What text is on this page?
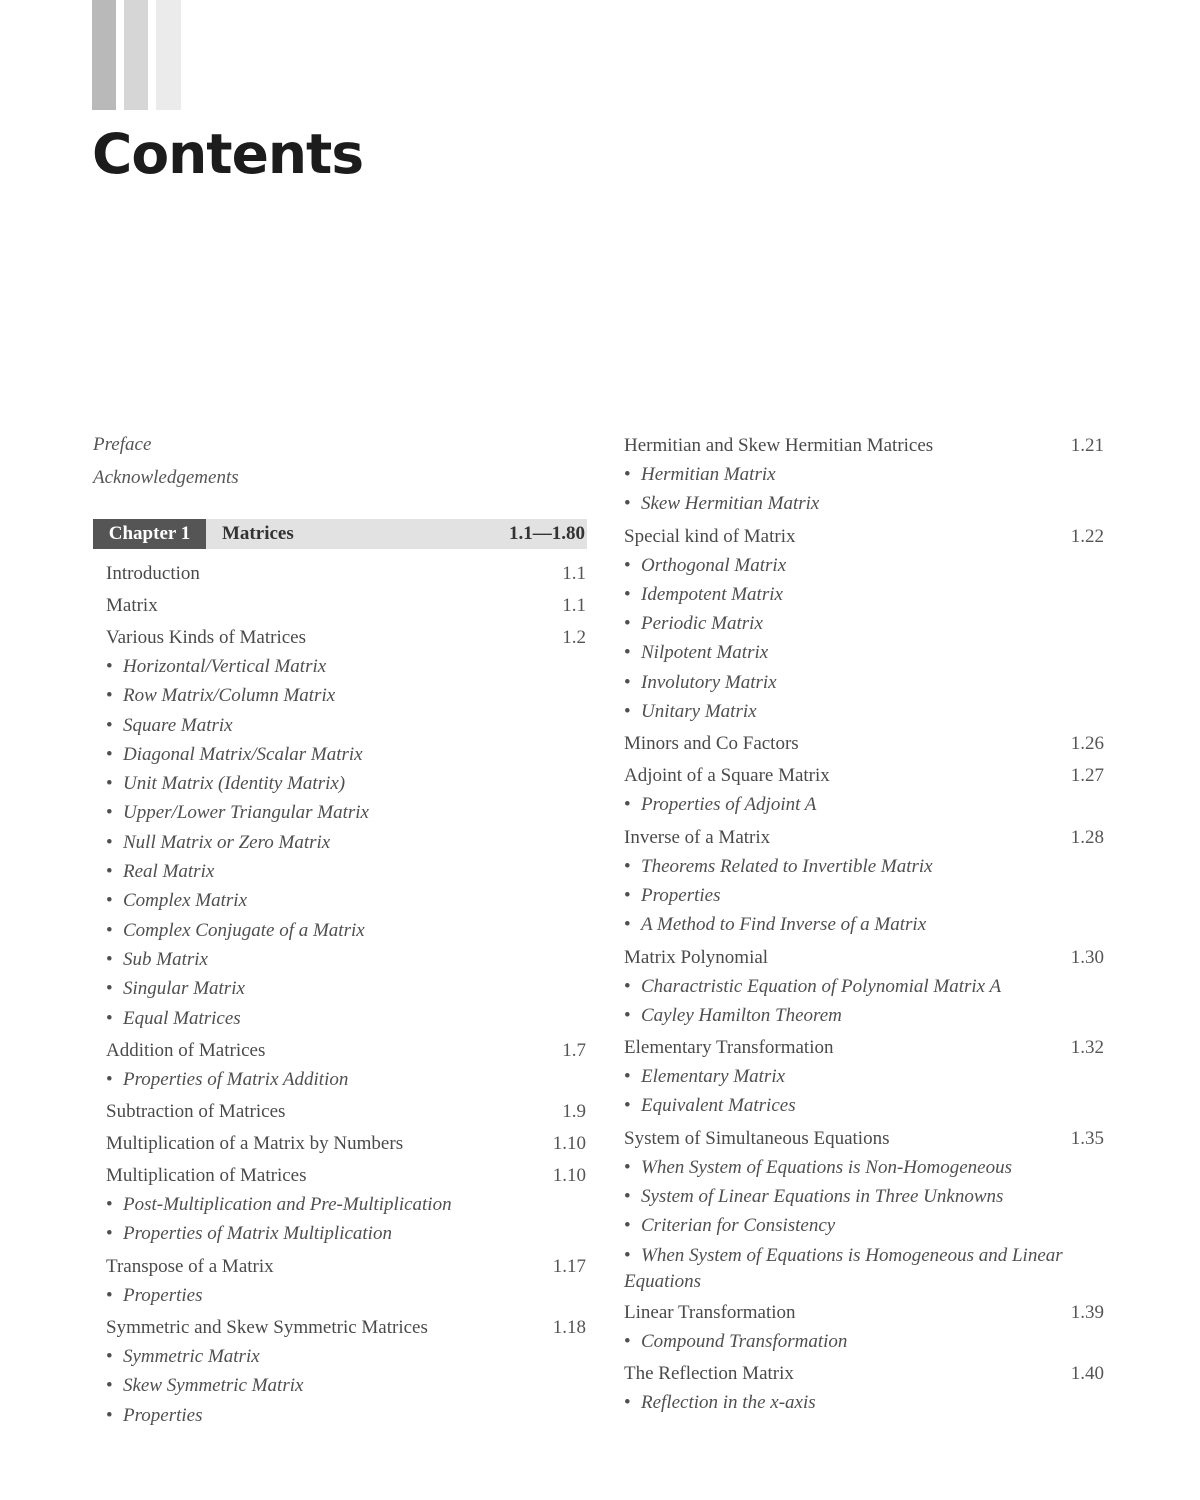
Contents
Preface
Acknowledgements
Chapter 1	Matrices	1.1—1.80
Introduction	1.1
Matrix	1.1
Various Kinds of Matrices	1.2
• Horizontal/Vertical Matrix
• Row Matrix/Column Matrix
• Square Matrix
• Diagonal Matrix/Scalar Matrix
• Unit Matrix (Identity Matrix)
• Upper/Lower Triangular Matrix
• Null Matrix or Zero Matrix
• Real Matrix
• Complex Matrix
• Complex Conjugate of a Matrix
• Sub Matrix
• Singular Matrix
• Equal Matrices
Addition of Matrices	1.7
• Properties of Matrix Addition
Subtraction of Matrices	1.9
Multiplication of a Matrix by Numbers	1.10
Multiplication of Matrices	1.10
• Post-Multiplication and Pre-Multiplication
• Properties of Matrix Multiplication
Transpose of a Matrix	1.17
• Properties
Symmetric and Skew Symmetric Matrices	1.18
• Symmetric Matrix
• Skew Symmetric Matrix
• Properties
Hermitian and Skew Hermitian Matrices	1.21
• Hermitian Matrix
• Skew Hermitian Matrix
Special kind of Matrix	1.22
• Orthogonal Matrix
• Idempotent Matrix
• Periodic Matrix
• Nilpotent Matrix
• Involutory Matrix
• Unitary Matrix
Minors and Co Factors	1.26
Adjoint of a Square Matrix	1.27
• Properties of Adjoint A
Inverse of a Matrix	1.28
• Theorems Related to Invertible Matrix
• Properties
• A Method to Find Inverse of a Matrix
Matrix Polynomial	1.30
• Charactristic Equation of Polynomial Matrix A
• Cayley Hamilton Theorem
Elementary Transformation	1.32
• Elementary Matrix
• Equivalent Matrices
System of Simultaneous Equations	1.35
• When System of Equations is Non-Homogeneous
• System of Linear Equations in Three Unknowns
• Criterian for Consistency
• When System of Equations is Homogeneous and Linear Equations
Linear Transformation	1.39
• Compound Transformation
The Reflection Matrix	1.40
• Reflection in the x-axis
